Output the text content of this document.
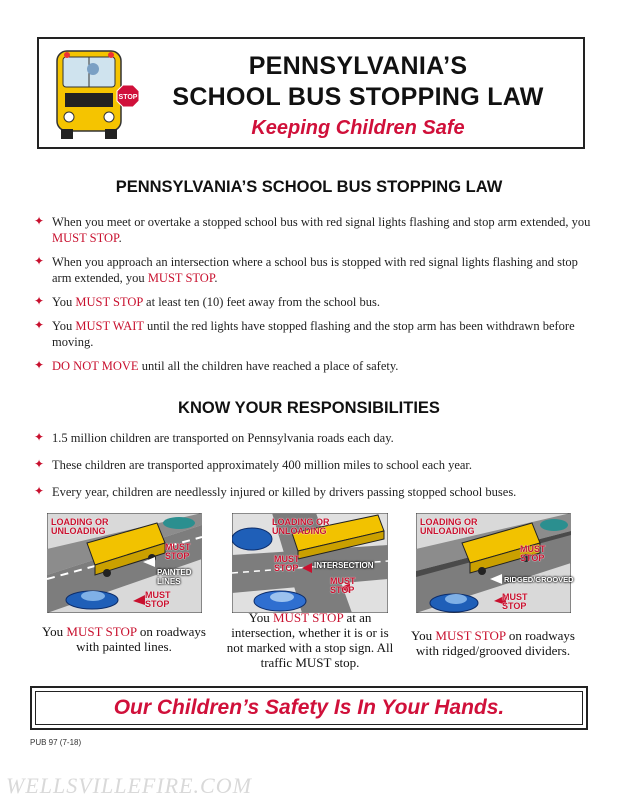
STOP
PENNSYLVANIA’S
SCHOOL BUS STOPPING LAW
Keeping Children Safe
PENNSYLVANIA’S SCHOOL BUS STOPPING LAW
✦ When you meet or overtake a stopped school bus with red signal lights flashing and stop arm extended, you MUST STOP.
✦ When you approach an intersection where a school bus is stopped with red signal lights flashing and stop arm extended, you MUST STOP.
✦ You MUST STOP at least ten (10) feet away from the school bus.
✦ You MUST WAIT until the red lights have stopped flashing and the stop arm has been withdrawn before moving.
✦ DO NOT MOVE until all the children have reached a place of safety.
KNOW YOUR RESPONSIBILITIES
✦ 1.5 million children are transported on Pennsylvania roads each day.
✦ These children are transported approximately 400 million miles to school each year.
✦ Every year, children are needlessly injured or killed by drivers passing stopped school buses.
LOADING OR
UNLOADING
MUST
STOP
PAINTED
LINES
MUST
STOP
You MUST STOP on roadways with painted lines.
LOADING OR
UNLOADING
MUST
STOP INTERSECTION
MUST
STOP
You MUST STOP at an intersection, whether it is or is not marked with a stop sign. All traffic MUST stop.
LOADING OR
UNLOADING
MUST
STOP
RIDGED/GROOVED
MUST
STOP
You MUST STOP on roadways with ridged/grooved dividers.
Our Children’s Safety Is In Your Hands.
PUB 97 (7-18)
WELLSVILLEFIRE.COM
